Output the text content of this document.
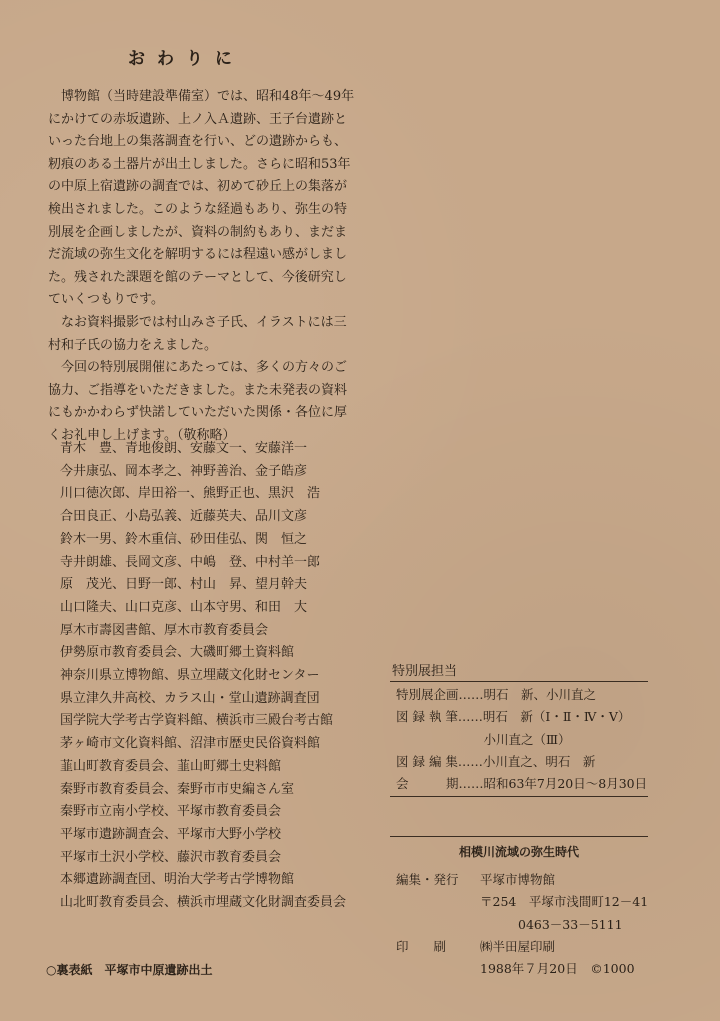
おわりに

博物館（当時建設準備室）では、昭和48年～49年にかけての赤坂遺跡、上ノ入Ａ遺跡、王子台遺跡といった台地上の集落調査を行い、どの遺跡からも、籾痕のある土器片が出土しました。さらに昭和53年の中原上宿遺跡の調査では、初めて砂丘上の集落が検出されました。このような経過もあり、弥生の特別展を企画しましたが、資料の制約もあり、まだまだ流域の弥生文化を解明するには程遠い感がしました。残された課題を館のテーマとして、今後研究していくつもりです。

なお資料撮影では村山みさ子氏、イラストには三村和子氏の協力をえました。

今回の特別展開催にあたっては、多くの方々のご協力、ご指導をいただきました。また未発表の資料にもかかわらず快諾していただいた関係・各位に厚くお礼申し上げます。（敬称略）

青木　豊、青地俊朗、安藤文一、安藤洋一
今井康弘、岡本孝之、神野善治、金子皓彦
川口徳次郎、岸田裕一、熊野正也、黒沢　浩
合田良正、小島弘義、近藤英夫、品川文彦
鈴木一男、鈴木重信、砂田佳弘、関　恒之
寺井朗雄、長岡文彦、中嶋　登、中村羊一郎
原　茂光、日野一郎、村山　昇、望月幹夫
山口隆夫、山口克彦、山本守男、和田　大
厚木市壽図書館、厚木市教育委員会
伊勢原市教育委員会、大磯町郷土資料館
神奈川県立博物館、県立埋蔵文化財センター
県立津久井高校、カラス山・堂山遺跡調査団
国学院大学考古学資料館、横浜市三殿台考古館
茅ヶ崎市文化資料館、沼津市歴史民俗資料館
韮山町教育委員会、韮山町郷土史料館
秦野市教育委員会、秦野市市史編さん室
秦野市立南小学校、平塚市教育委員会
平塚市遺跡調査会、平塚市大野小学校
平塚市土沢小学校、藤沢市教育委員会
本郷遺跡調査団、明治大学考古学博物館
山北町教育委員会、横浜市埋蔵文化財調査委員会
○裏表紙　平塚市中原遺跡出土
特別展担当
特別展企画……明石　新、小川直之
図 録 執 筆……明石　新（Ⅰ・Ⅱ・Ⅳ・Ⅴ）
　　　　　　　小川直之（Ⅲ）
図 録 編 集……小川直之、明石　新
会　　　期……昭和63年7月20日～8月30日
相模川流域の弥生時代
編集・発行 平塚市博物館
〒254　平塚市浅間町12－41
0463－33－5111
印　　刷	㈱半田屋印刷
1988年７月20日　©1000
